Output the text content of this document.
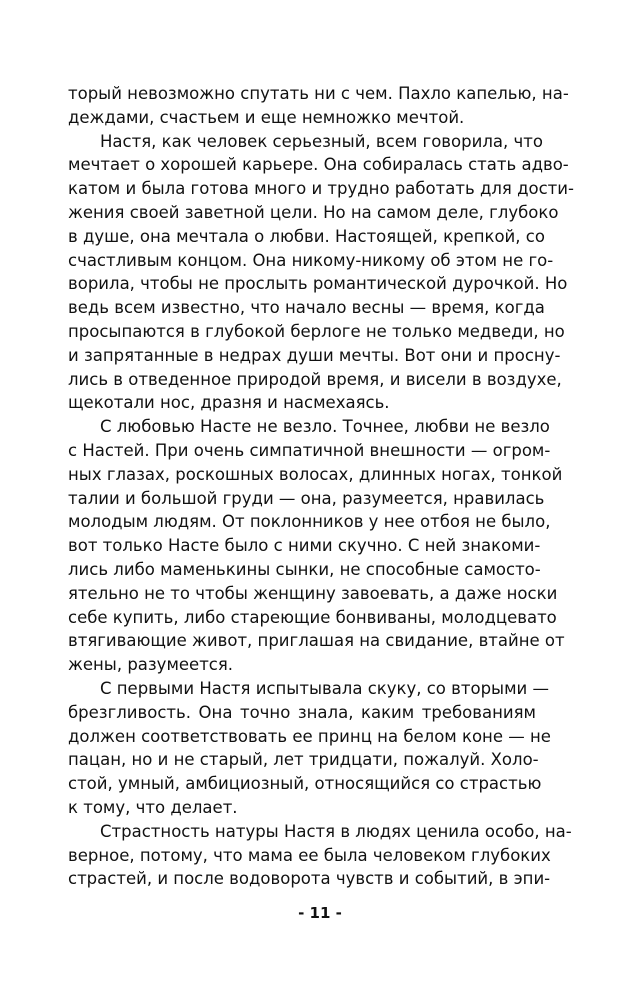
торый невозможно спутать ни с чем. Пахло капелью, на-
деждами, счастьем и еще немножко мечтой.
Настя, как человек серьезный, всем говорила, что
мечтает о хорошей карьере. Она собиралась стать адво-
катом и была готова много и трудно работать для дости-
жения своей заветной цели. Но на самом деле, глубоко
в душе, она мечтала о любви. Настоящей, крепкой, со
счастливым концом. Она никому-никому об этом не го-
ворила, чтобы не прослыть романтической дурочкой. Но
ведь всем известно, что начало весны — время, когда
просыпаются в глубокой берлоге не только медведи, но
и запрятанные в недрах души мечты. Вот они и просну-
лись в отведенное природой время, и висели в воздухе,
щекотали нос, дразня и насмехаясь.
С любовью Насте не везло. Точнее, любви не везло
с Настей. При очень симпатичной внешности — огром-
ных глазах, роскошных волосах, длинных ногах, тонкой
талии и большой груди — она, разумеется, нравилась
молодым людям. От поклонников у нее отбоя не было,
вот только Насте было с ними скучно. С ней знакоми-
лись либо маменькины сынки, не способные самосто-
ятельно не то чтобы женщину завоевать, а даже носки
себе купить, либо стареющие бонвиваны, молодцевато
втягивающие живот, приглашая на свидание, втайне от
жены, разумеется.
С первыми Настя испытывала скуку, со вторыми —
брезгливость. Она точно знала, каким требованиям
должен соответствовать ее принц на белом коне — не
пацан, но и не старый, лет тридцати, пожалуй. Холо-
стой, умный, амбициозный, относящийся со страстью
к тому, что делает.
Страстность натуры Настя в людях ценила особо, на-
верное, потому, что мама ее была человеком глубоких
страстей, и после водоворота чувств и событий, в эпи-
- 11 -
